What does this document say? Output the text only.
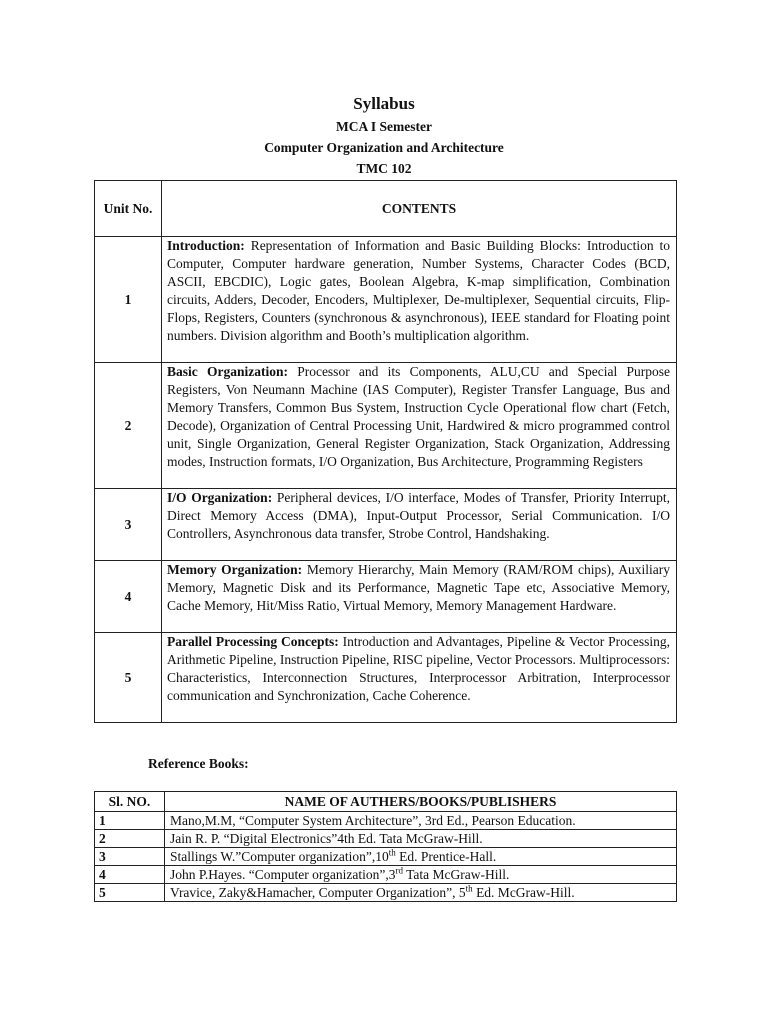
Syllabus
MCA I Semester
Computer Organization and Architecture
TMC 102
Unit No.	CONTENTS
1	Introduction: Representation of Information and Basic Building Blocks: Introduction to Computer, Computer hardware generation, Number Systems, Character Codes (BCD, ASCII, EBCDIC), Logic gates, Boolean Algebra, K-map simplification, Combination circuits, Adders, Decoder, Encoders, Multiplexer, De-multiplexer, Sequential circuits, Flip-Flops, Registers, Counters (synchronous & asynchronous), IEEE standard for Floating point numbers. Division algorithm and Booth’s multiplication algorithm.
2	Basic Organization: Processor and its Components, ALU,CU and Special Purpose Registers, Von Neumann Machine (IAS Computer), Register Transfer Language, Bus and Memory Transfers, Common Bus System, Instruction Cycle Operational flow chart (Fetch, Decode), Organization of Central Processing Unit, Hardwired & micro programmed control unit, Single Organization, General Register Organization, Stack Organization, Addressing modes, Instruction formats, I/O Organization, Bus Architecture, Programming Registers
3	I/O Organization: Peripheral devices, I/O interface, Modes of Transfer, Priority Interrupt, Direct Memory Access (DMA), Input-Output Processor, Serial Communication. I/O Controllers, Asynchronous data transfer, Strobe Control, Handshaking.
4	Memory Organization: Memory Hierarchy, Main Memory (RAM/ROM chips), Auxiliary Memory, Magnetic Disk and its Performance, Magnetic Tape etc, Associative Memory, Cache Memory, Hit/Miss Ratio, Virtual Memory, Memory Management Hardware.
5	Parallel Processing Concepts: Introduction and Advantages, Pipeline & Vector Processing, Arithmetic Pipeline, Instruction Pipeline, RISC pipeline, Vector Processors. Multiprocessors: Characteristics, Interconnection Structures, Interprocessor Arbitration, Interprocessor communication and Synchronization, Cache Coherence.
Reference Books:
Sl. NO.	NAME OF AUTHERS/BOOKS/PUBLISHERS
1	Mano,M.M, “Computer System Architecture”, 3rd Ed., Pearson Education.
2	Jain R. P. “Digital Electronics”4th Ed. Tata McGraw-Hill.
3	Stallings W.”Computer organization”,10th Ed. Prentice-Hall.
4	John P.Hayes. “Computer organization”,3rd Tata McGraw-Hill.
5	Vravice, Zaky&Hamacher, Computer Organization”, 5th Ed. McGraw-Hill.
